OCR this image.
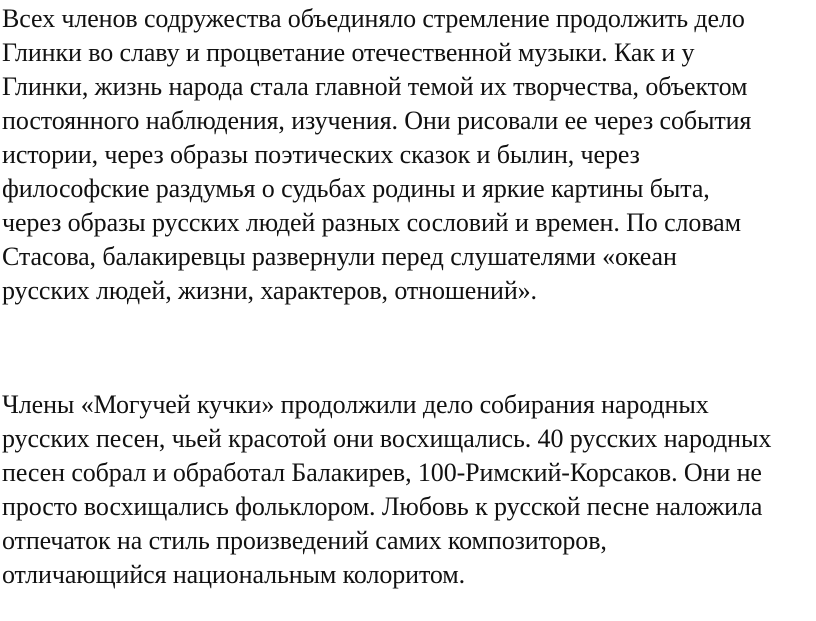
Всех членов содружества объединяло стремление продолжить дело

Глинки во славу и процветание отечественной музыки. Как и у

Глинки, жизнь народа стала главной темой их творчества, объектом

постоянного наблюдения, изучения. Они рисовали ее через события

истории, через образы поэтических сказок и былин, через

философские раздумья о судьбах родины и яркие картины быта,

через образы русских людей разных сословий и времен. По словам

Стасова, балакиревцы развернули перед слушателями «океан

русских людей, жизни, характеров, отношений».

Члены «Могучей кучки» продолжили дело собирания народных

русских песен, чьей красотой они восхищались. 40 русских народных

песен собрал и обработал Балакирев, 100-Римский-Корсаков. Они не

просто восхищались фольклором. Любовь к русской песне наложила

отпечаток на стиль произведений самих композиторов,

отличающийся национальным колоритом.
